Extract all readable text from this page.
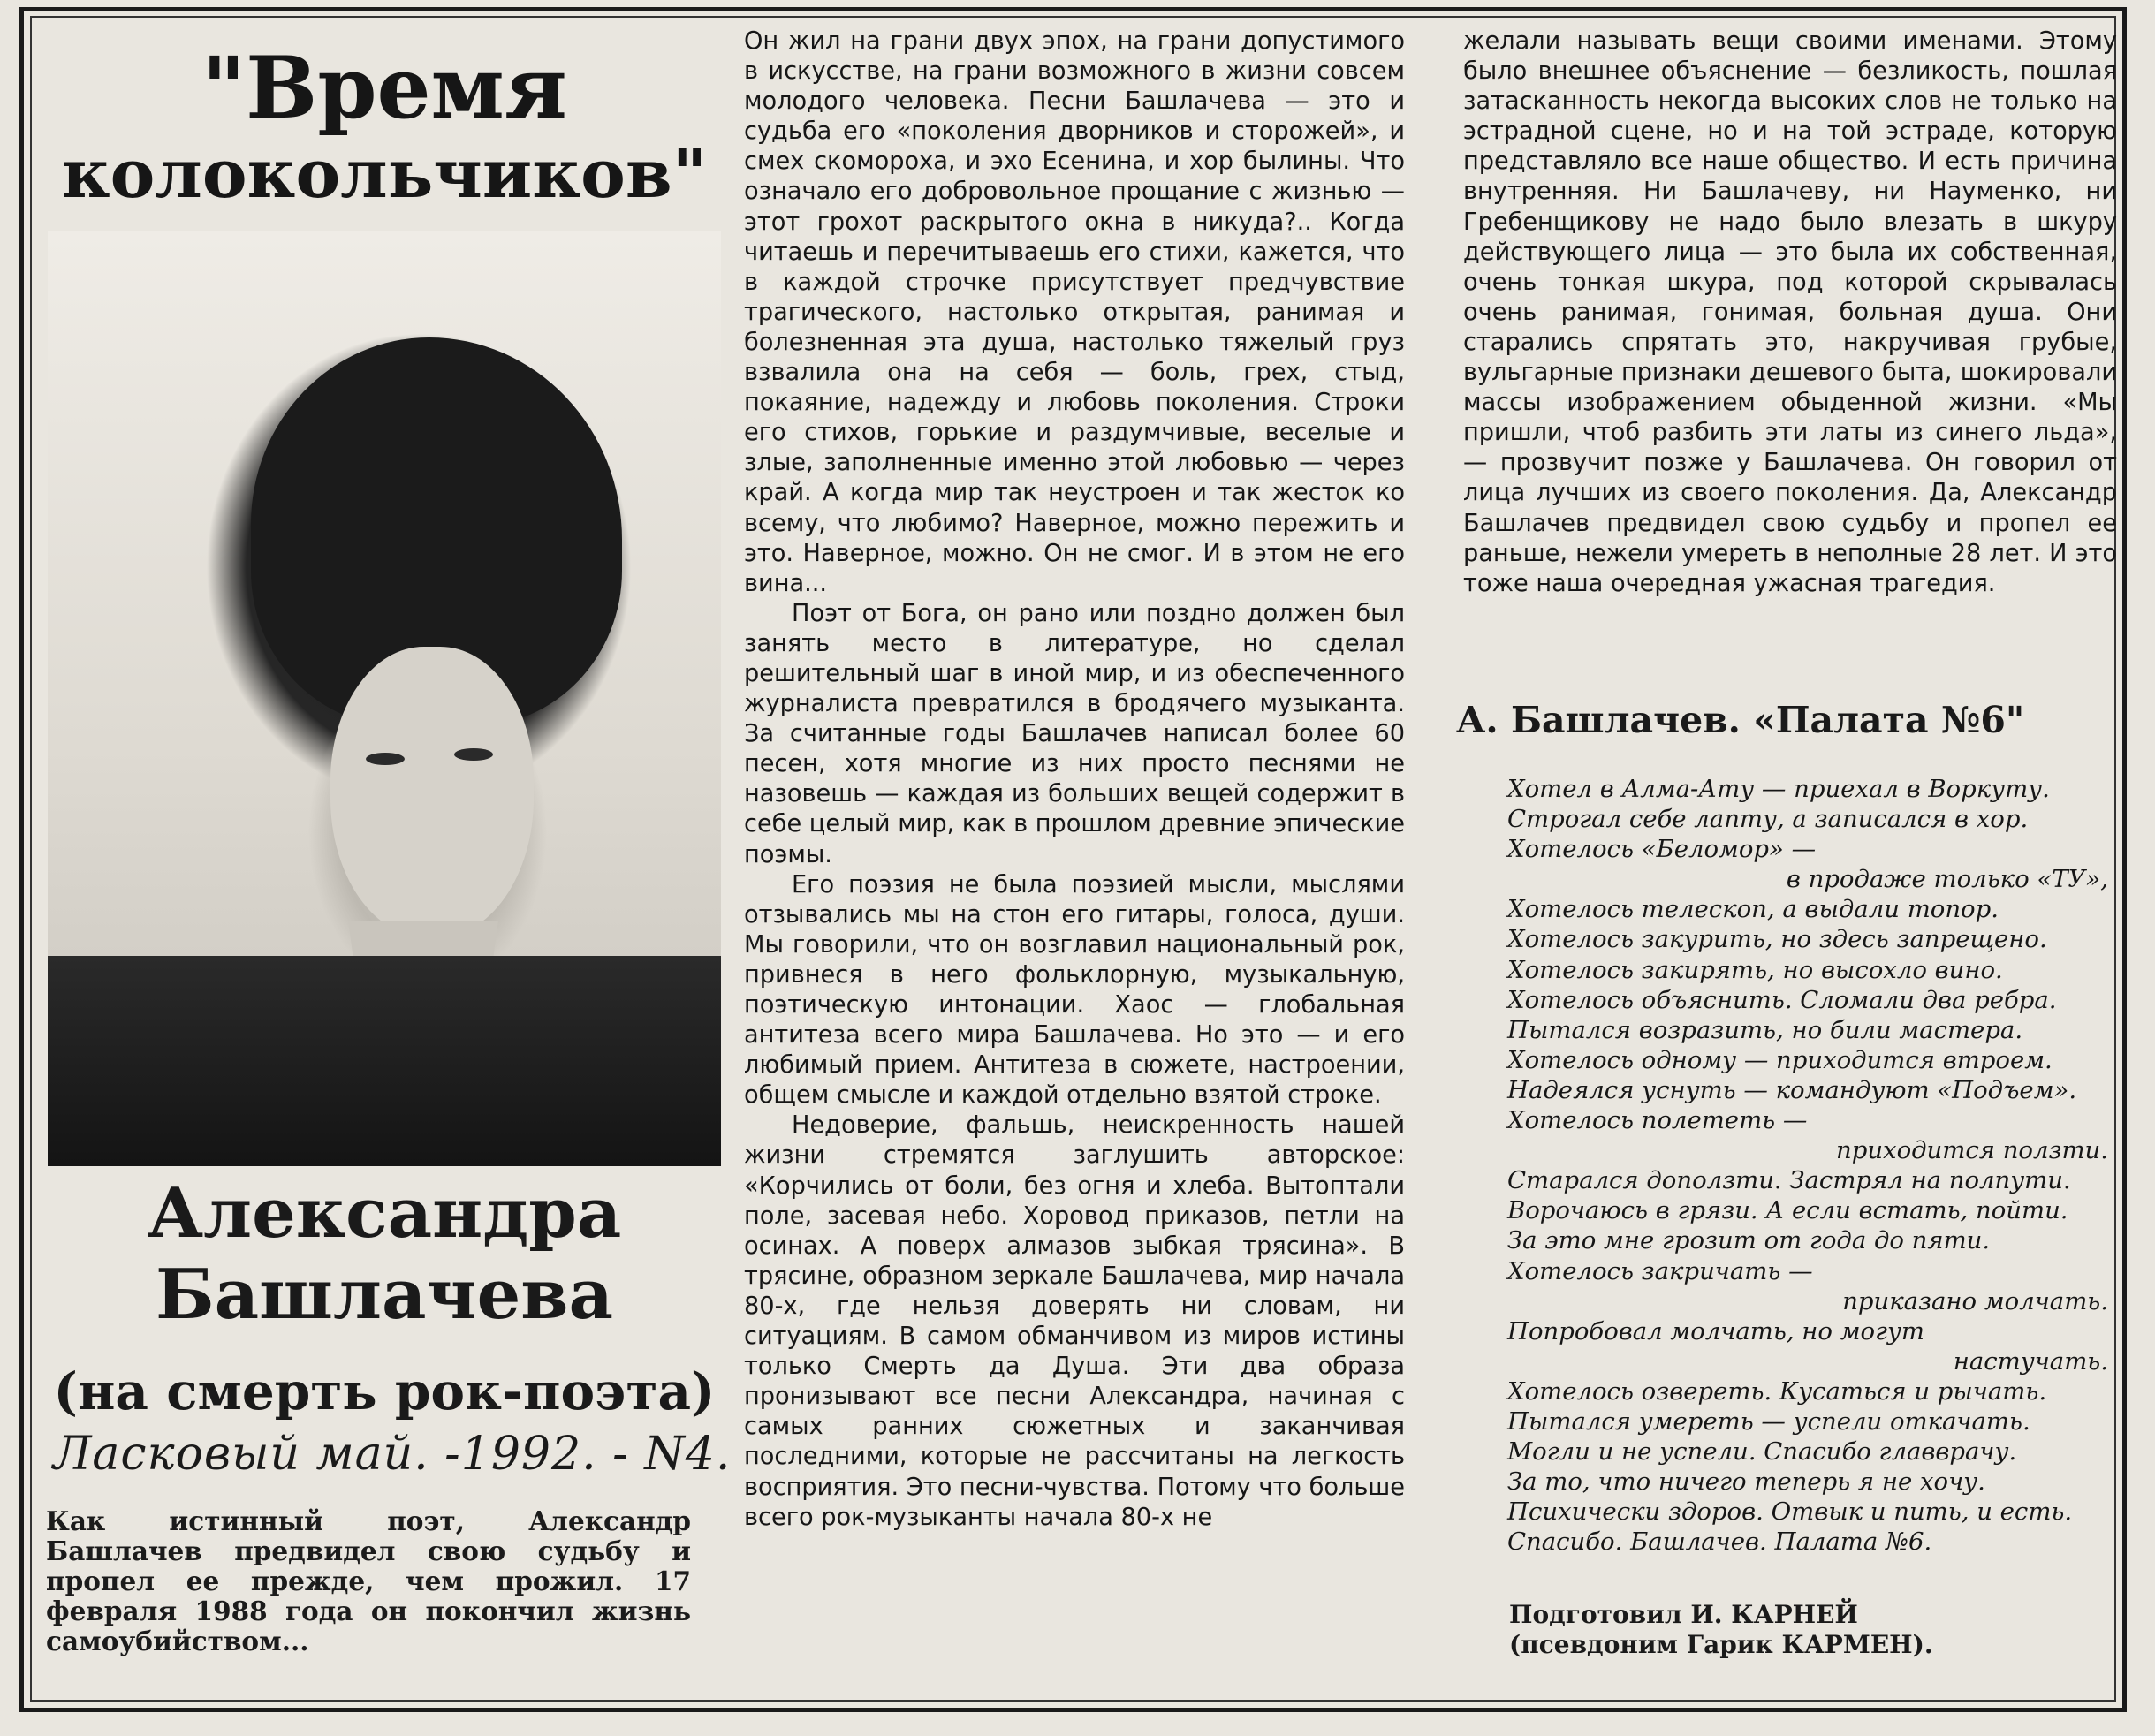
"Время
колокольчиков"
Александра
Башлачева
(на смерть рок-поэта)
Ласковый май. -1992. - N4.
Как истинный поэт, Александр Башлачев предвидел свою судьбу и пропел ее прежде, чем прожил. 17 февраля 1988 года он покончил жизнь самоубийством...

Он жил на грани двух эпох, на грани допустимого в искусстве, на грани возможного в жизни совсем молодого человека. Песни Башлачева — это и судьба его «поколения дворников и сторожей», и смех скомороха, и эхо Есенина, и хор былины. Что означало его добровольное прощание с жизнью — этот грохот раскрытого окна в никуда?.. Когда читаешь и перечитываешь его стихи, кажется, что в каждой строчке присутствует предчувствие трагического, настолько открытая, ранимая и болезненная эта душа, настолько тяжелый груз взвалила она на себя — боль, грех, стыд, покаяние, надежду и любовь поколения. Строки его стихов, горькие и раздумчивые, веселые и злые, заполненные именно этой любовью — через край. А когда мир так неустроен и так жесток ко всему, что любимо? Наверное, можно пережить и это. Наверное, можно. Он не смог. И в этом не его вина...

Поэт от Бога, он рано или поздно должен был занять место в литературе, но сделал решительный шаг в иной мир, и из обеспеченного журналиста превратился в бродячего музыканта. За считанные годы Башлачев написал более 60 песен, хотя многие из них просто песнями не назовешь — каждая из больших вещей содержит в себе целый мир, как в прошлом древние эпические поэмы.

Его поэзия не была поэзией мысли, мыслями отзывались мы на стон его гитары, голоса, души. Мы говорили, что он возглавил национальный рок, привнеся в него фольклорную, музыкальную, поэтическую интонации. Хаос — глобальная антитеза всего мира Башлачева. Но это — и его любимый прием. Антитеза в сюжете, настроении, общем смысле и каждой отдельно взятой строке.

Недоверие, фальшь, неискренность нашей жизни стремятся заглушить авторское: «Корчились от боли, без огня и хлеба. Вытоптали поле, засевая небо. Хоровод приказов, петли на осинах. А поверх алмазов зыбкая трясина». В трясине, образном зеркале Башлачева, мир начала 80-х, где нельзя доверять ни словам, ни ситуациям. В самом обманчивом из миров истины только Смерть да Душа. Эти два образа пронизывают все песни Александра, начиная с самых ранних сюжетных и заканчивая последними, которые не рассчитаны на легкость восприятия. Это песни-чувства. Потому что больше всего рок-музыканты начала 80-х не

желали называть вещи своими именами. Этому было внешнее объяснение — безликость, пошлая затасканность некогда высоких слов не только на эстрадной сцене, но и на той эстраде, которую представляло все наше общество. И есть причина внутренняя. Ни Башлачеву, ни Науменко, ни Гребенщикову не надо было влезать в шкуру действующего лица — это была их собственная, очень тонкая шкура, под которой скрывалась очень ранимая, гонимая, больная душа. Они старались спрятать это, накручивая грубые, вульгарные признаки дешевого быта, шокировали массы изображением обыденной жизни. «Мы пришли, чтоб разбить эти латы из синего льда», — прозвучит позже у Башлачева. Он говорил от лица лучших из своего поколения. Да, Александр Башлачев предвидел свою судьбу и пропел ее раньше, нежели умереть в неполные 28 лет. И это тоже наша очередная ужасная трагедия.

А. Башлачев. «Палата №6"
Хотел в Алма-Ату — приехал в Воркуту.
Строгал себе лапту, а записался в хор.
Хотелось «Беломор» —
в продаже только «ТУ»,
Хотелось телескоп, а выдали топор.
Хотелось закурить, но здесь запрещено.
Хотелось закирять, но высохло вино.
Хотелось объяснить. Сломали два ребра.
Пытался возразить, но били мастера.
Хотелось одному — приходится втроем.
Надеялся уснуть — командуют «Подъем».
Хотелось полететь —
приходится ползти.
Старался доползти. Застрял на полпути.
Ворочаюсь в грязи. А если встать, пойти.
За это мне грозит от года до пяти.
Хотелось закричать —
приказано молчать.
Попробовал молчать, но могут
настучать.
Хотелось озвереть. Кусаться и рычать.
Пытался умереть — успели откачать.
Могли и не успели. Спасибо главврачу.
За то, что ничего теперь я не хочу.
Психически здоров. Отвык и пить, и есть.
Спасибо. Башлачев. Палата №6.
Подготовил И. КАРНЕЙ
(псевдоним Гарик КАРМЕН).
